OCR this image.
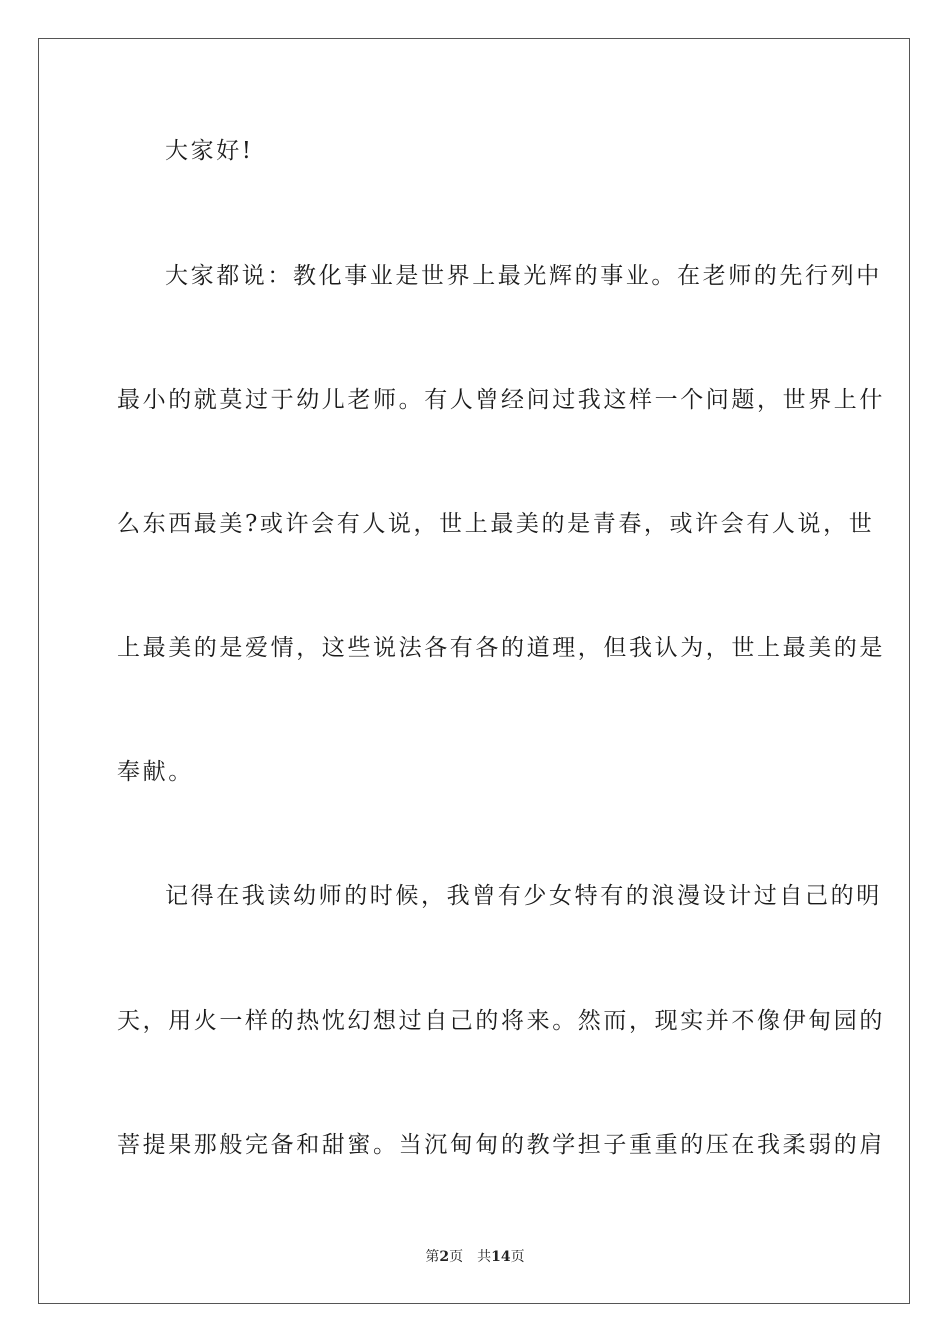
大家好!
大家都说：教化事业是世界上最光辉的事业。在老师的先行列中
最小的就莫过于幼儿老师。有人曾经问过我这样一个问题，世界上什
么东西最美?或许会有人说，世上最美的是青春，或许会有人说，世
上最美的是爱情，这些说法各有各的道理，但我认为，世上最美的是
奉献。
记得在我读幼师的时候，我曾有少女特有的浪漫设计过自己的明
天，用火一样的热忱幻想过自己的将来。然而，现实并不像伊甸园的
菩提果那般完备和甜蜜。当沉甸甸的教学担子重重的压在我柔弱的肩
第2页 共14页
